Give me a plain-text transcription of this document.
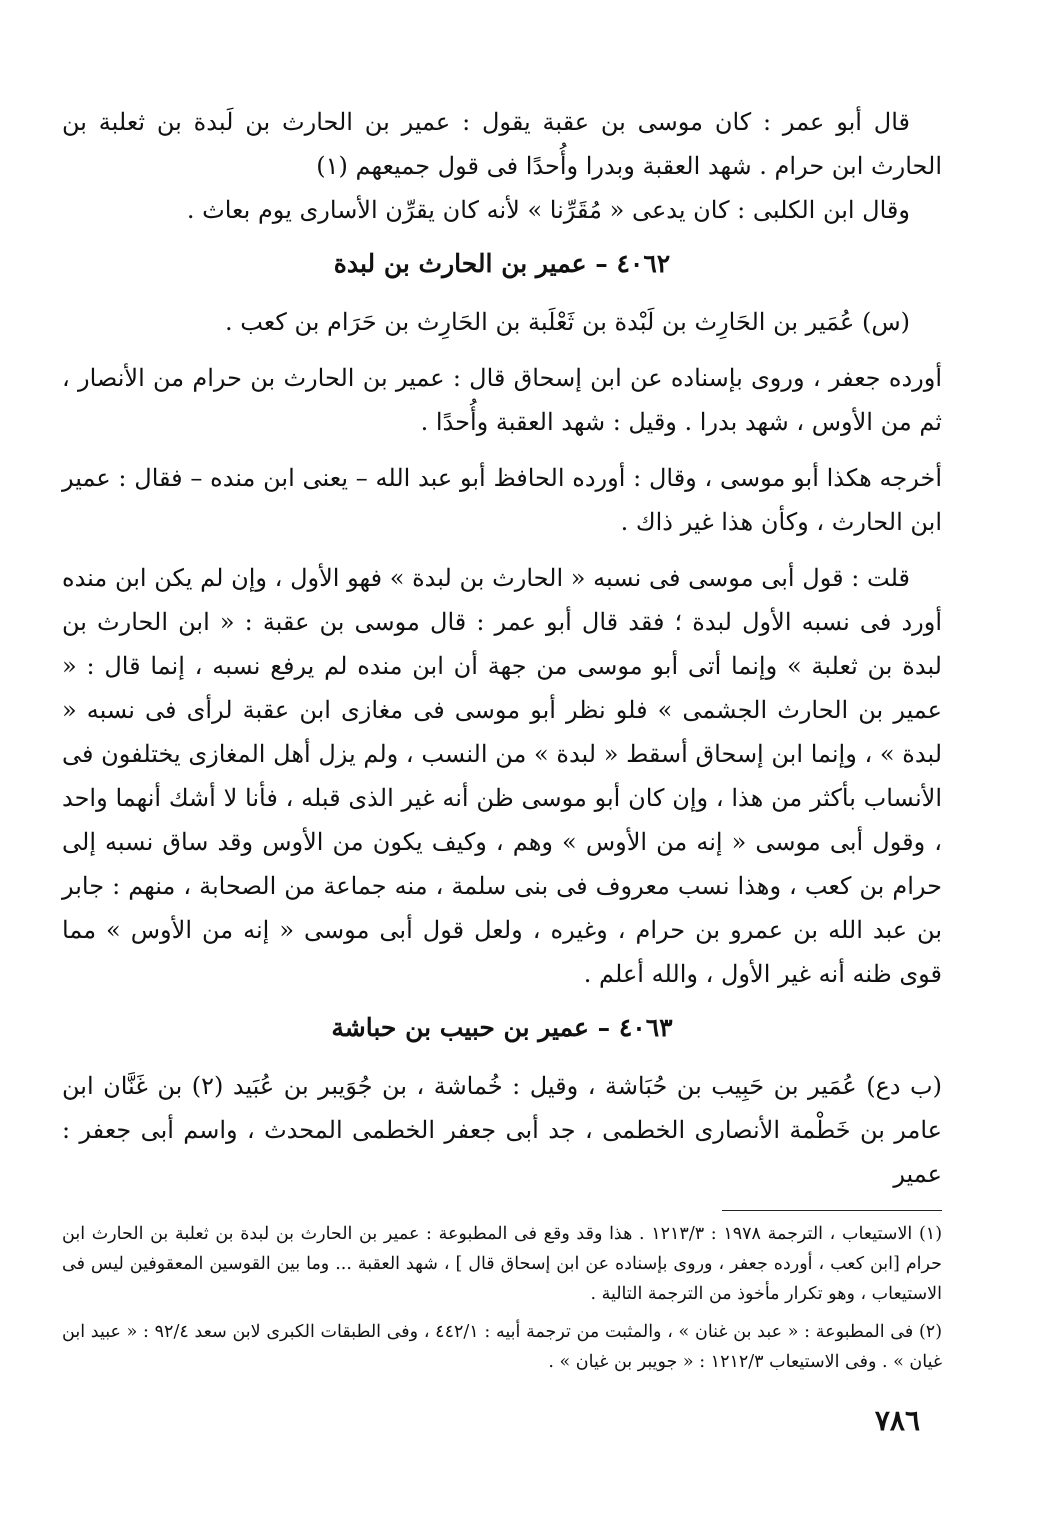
قال أبو عمر : كان موسى بن عقبة يقول : عمير بن الحارث بن لَبدة بن ثعلبة بن الحارث ابن حرام . شهد العقبة وبدرا وأُحدًا فى قول جميعهم (١)

وقال ابن الكلبى : كان يدعى « مُقَرِّنا » لأنه كان يقرِّن الأسارى يوم بعاث .

٤٠٦٢ – عمير بن الحارث بن لبدة

(س) عُمَير بن الحَارِث بن لَبْدة بن ثَعْلَبة بن الحَارِث بن حَرَام بن كعب .

أورده جعفر ، وروى بإسناده عن ابن إسحاق قال : عمير بن الحارث بن حرام من الأنصار ، ثم من الأوس ، شهد بدرا . وقيل : شهد العقبة وأُحدًا .

أخرجه هكذا أبو موسى ، وقال : أورده الحافظ أبو عبد الله – يعنى ابن منده – فقال : عمير ابن الحارث ، وكأن هذا غير ذاك .

قلت : قول أبى موسى فى نسبه « الحارث بن لبدة » فهو الأول ، وإن لم يكن ابن منده أورد فى نسبه الأول لبدة ؛ فقد قال أبو عمر : قال موسى بن عقبة : « ابن الحارث بن لبدة بن ثعلبة » وإنما أتى أبو موسى من جهة أن ابن منده لم يرفع نسبه ، إنما قال : « عمير بن الحارث الجشمى » فلو نظر أبو موسى فى مغازى ابن عقبة لرأى فى نسبه « لبدة » ، وإنما ابن إسحاق أسقط « لبدة » من النسب ، ولم يزل أهل المغازى يختلفون فى الأنساب بأكثر من هذا ، وإن كان أبو موسى ظن أنه غير الذى قبله ، فأنا لا أشك أنهما واحد ، وقول أبى موسى « إنه من الأوس » وهم ، وكيف يكون من الأوس وقد ساق نسبه إلى حرام بن كعب ، وهذا نسب معروف فى بنى سلمة ، منه جماعة من الصحابة ، منهم : جابر بن عبد الله بن عمرو بن حرام ، وغيره ، ولعل قول أبى موسى « إنه من الأوس » مما قوى ظنه أنه غير الأول ، والله أعلم .

٤٠٦٣ – عمير بن حبيب بن حباشة

(ب دع) عُمَير بن حَبِيب بن حُبَاشة ، وقيل : خُماشة ، بن جُوَيبر بن عُبَيد (٢) بن غَنَّان ابن عامر بن خَطْمة الأنصارى الخطمى ، جد أبى جعفر الخطمى المحدث ، واسم أبى جعفر : عمير

(١) الاستيعاب ، الترجمة ١٩٧٨ : ١٢١٣/٣ . هذا وقد وقع فى المطبوعة : عمير بن الحارث بن لبدة بن ثعلبة بن الحارث ابن حرام [ابن كعب ، أورده جعفر ، وروى بإسناده عن ابن إسحاق قال ] ، شهد العقبة ... وما بين القوسين المعقوفين ليس فى الاستيعاب ، وهو تكرار مأخوذ من الترجمة التالية .

(٢) فى المطبوعة : « عبد بن غنان » ، والمثبت من ترجمة أبيه : ٤٤٢/١ ، وفى الطبقات الكبرى لابن سعد ٩٢/٤ : « عبيد ابن غيان » . وفى الاستيعاب ١٢١٢/٣ : « جويبر بن غيان » .

٧٨٦
